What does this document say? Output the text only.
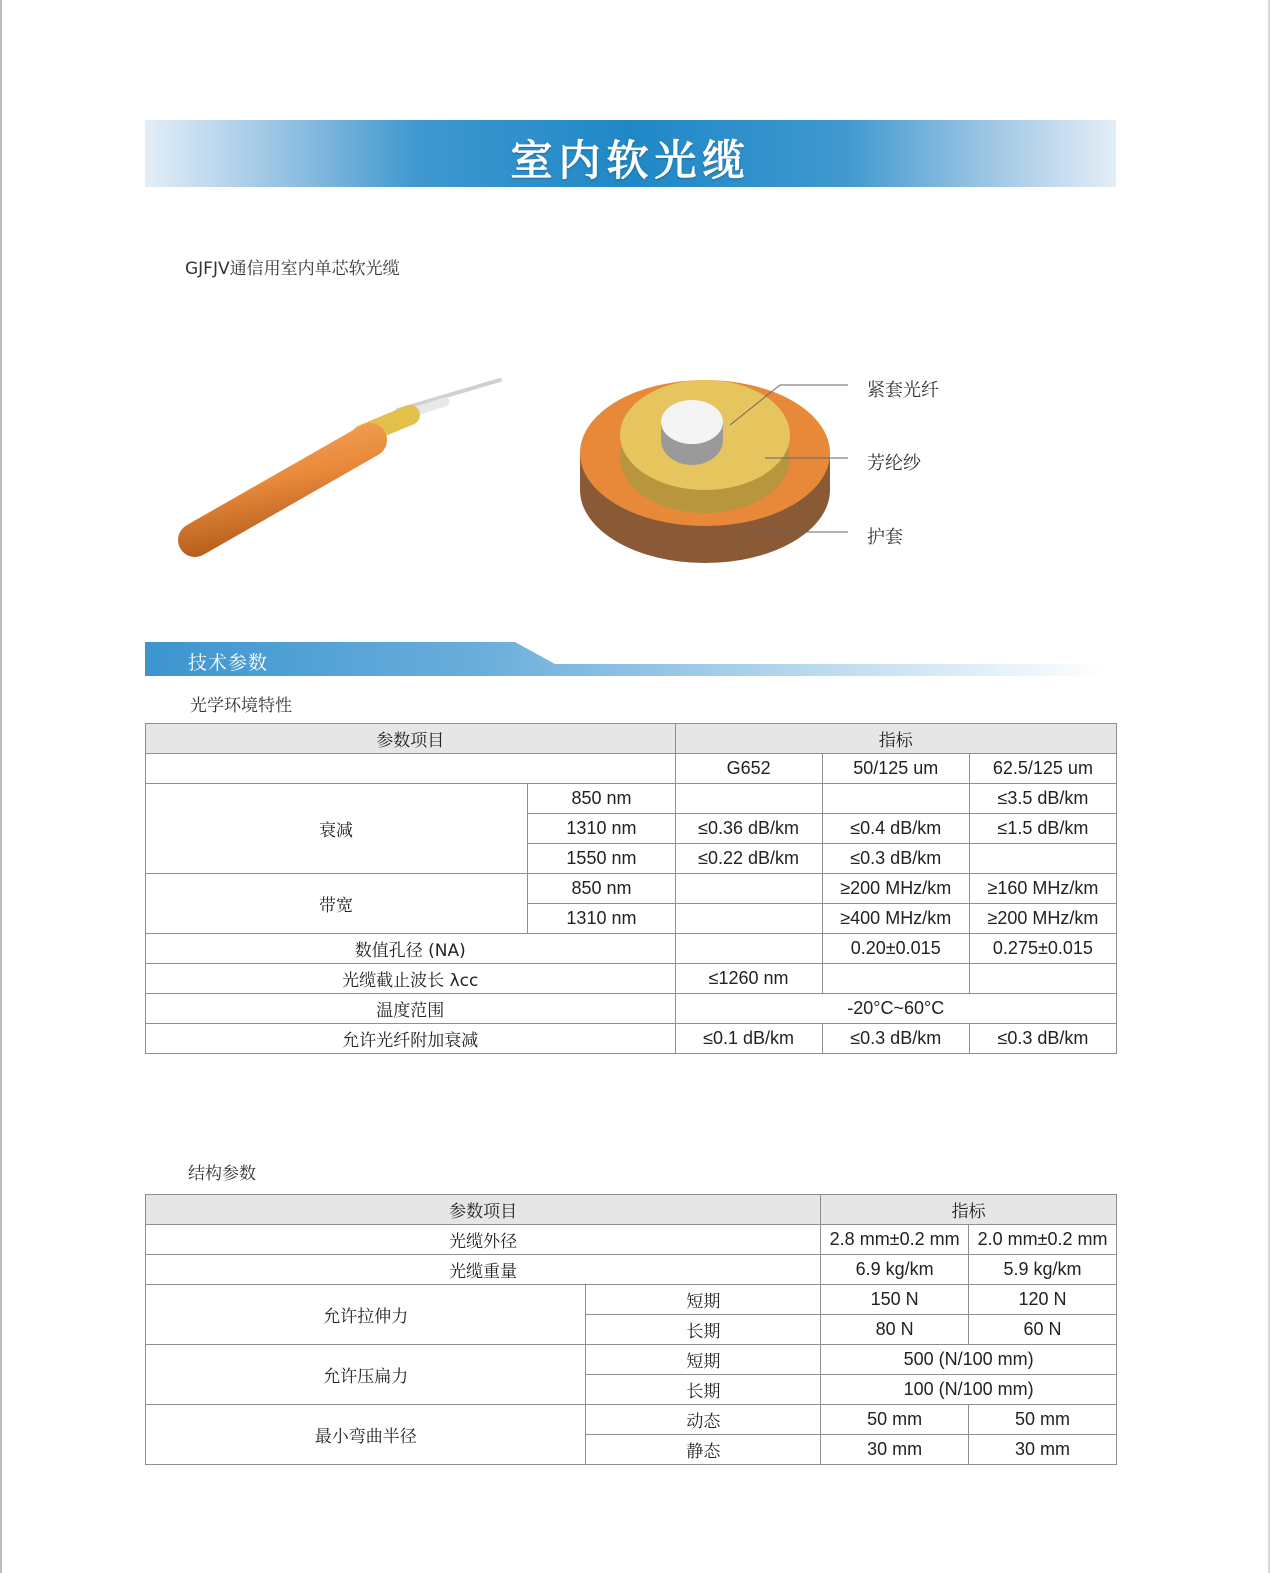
室内软光缆
GJFJV通信用室内单芯软光缆
紧套光纤
芳纶纱
护套
技术参数
光学环境特性
参数项目		指标		
		G652	50/125 um	62.5/125 um
衰减	850 nm			≤3.5 dB/km
	1310 nm	≤0.36 dB/km	≤0.4 dB/km	≤1.5 dB/km
	1550 nm	≤0.22 dB/km	≤0.3 dB/km	
带宽	850 nm		≥200 MHz/km	≥160 MHz/km
	1310 nm		≥400 MHz/km	≥200 MHz/km
数值孔径 (NA)			0.20±0.015	0.275±0.015
光缆截止波长 λcc		≤1260 nm		
温度范围		-20°C~60°C		
允许光纤附加衰减		≤0.1 dB/km	≤0.3 dB/km	≤0.3 dB/km
结构参数
参数项目		指标	
光缆外径		2.8 mm±0.2 mm	2.0 mm±0.2 mm
光缆重量		6.9 kg/km	5.9 kg/km
允许拉伸力	短期	150 N	120 N
	长期	80 N	60 N
允许压扁力	短期	500 (N/100 mm)	
	长期	100 (N/100 mm)	
最小弯曲半径	动态	50 mm	50 mm
	静态	30 mm	30 mm
